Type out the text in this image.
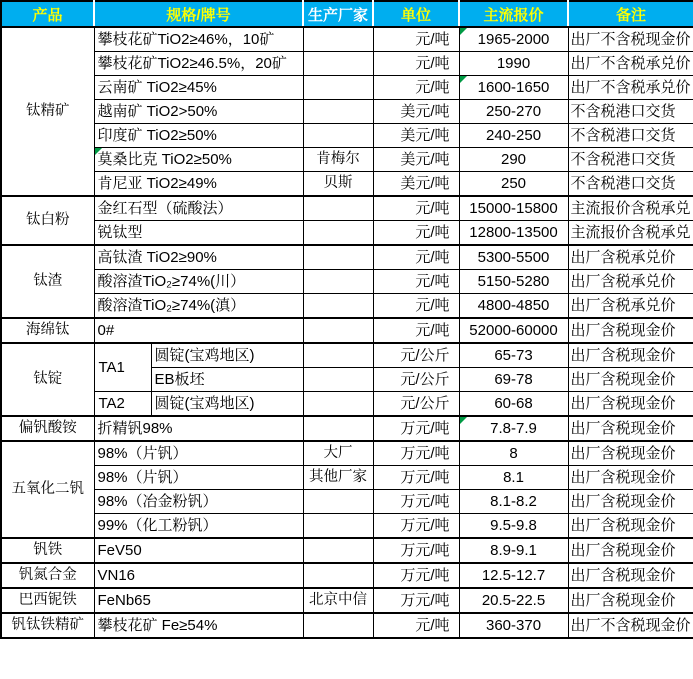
产品	规格/牌号		生产厂家	单位	主流报价	备注
钛精矿	攀枝花矿TiO2≥46%，10矿			元/吨	1965-2000	出厂不含税现金价
	攀枝花矿TiO2≥46.5%，20矿			元/吨	1990	出厂不含税承兑价
	云南矿 TiO2≥45%			元/吨	1600-1650	出厂不含税承兑价
	越南矿 TiO2>50%			美元/吨	250-270	不含税港口交货
	印度矿 TiO2≥50%			美元/吨	240-250	不含税港口交货
	莫桑比克 TiO2≥50%		肯梅尔	美元/吨	290	不含税港口交货
	肯尼亚 TiO2≥49%		贝斯	美元/吨	250	不含税港口交货
钛白粉	金红石型（硫酸法）			元/吨	15000-15800	主流报价含税承兑
	锐钛型			元/吨	12800-13500	主流报价含税承兑
钛渣	高钛渣 TiO2≥90%			元/吨	5300-5500	出厂含税承兑价
	酸溶渣TiO₂≥74%(川）			元/吨	5150-5280	出厂含税承兑价
	酸溶渣TiO₂≥74%(滇）			元/吨	4800-4850	出厂含税承兑价
海绵钛	0#			元/吨	52000-60000	出厂含税现金价
钛锭	TA1	圆锭(宝鸡地区)		元/公斤	65-73	出厂含税现金价
		EB板坯		元/公斤	69-78	出厂含税现金价
	TA2	圆锭(宝鸡地区)		元/公斤	60-68	出厂含税现金价
偏钒酸铵	折精钒98%			万元/吨	7.8-7.9	出厂含税现金价
五氧化二钒	98%（片钒）		大厂	万元/吨	8	出厂含税现金价
	98%（片钒）		其他厂家	万元/吨	8.1	出厂含税现金价
	98%（冶金粉钒）			万元/吨	8.1-8.2	出厂含税现金价
	99%（化工粉钒）			万元/吨	9.5-9.8	出厂含税现金价
钒铁	FeV50			万元/吨	8.9-9.1	出厂含税现金价
钒氮合金	VN16			万元/吨	12.5-12.7	出厂含税现金价
巴西铌铁	FeNb65		北京中信	万元/吨	20.5-22.5	出厂含税现金价
钒钛铁精矿	攀枝花矿 Fe≥54%			元/吨	360-370	出厂不含税现金价
